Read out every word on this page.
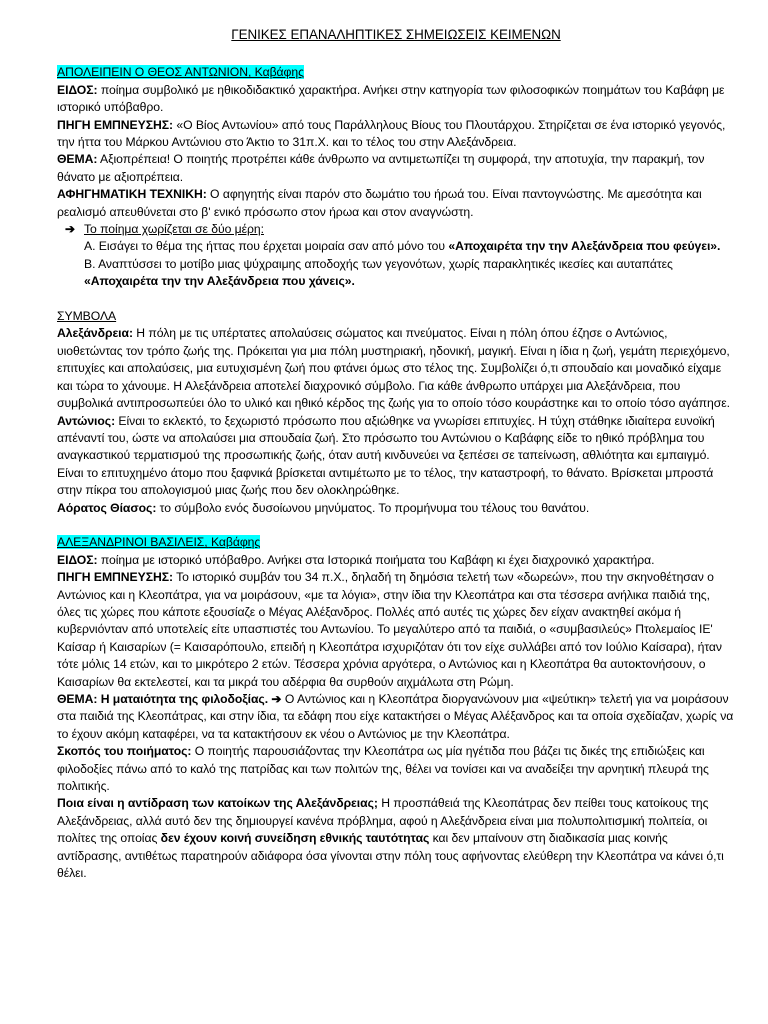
ΓΕΝΙΚΕΣ ΕΠΑΝΑΛΗΠΤΙΚΕΣ ΣΗΜΕΙΩΣΕΙΣ ΚΕΙΜΕΝΩΝ
ΑΠΟΛΕΙΠΕΙΝ Ο ΘΕΟΣ ΑΝΤΩΝΙΟΝ, Καβάφης

ΕΙΔΟΣ: ποίημα συμβολικό με ηθικοδιδακτικό χαρακτήρα. Ανήκει στην κατηγορία των φιλοσοφικών ποιημάτων του Καβάφη με ιστορικό υπόβαθρο.

ΠΗΓΗ ΕΜΠΝΕΥΣΗΣ: «Ο Βίος Αντωνίου» από τους Παράλληλους Βίους του Πλουτάρχου. Στηρίζεται σε ένα ιστορικό γεγονός, την ήττα του Μάρκου Αντώνιου στο Άκτιο το 31π.Χ. και το τέλος του στην Αλεξάνδρεια.

ΘΕΜΑ: Αξιοπρέπεια! Ο ποιητής προτρέπει κάθε άνθρωπο να αντιμετωπίζει τη συμφορά, την αποτυχία, την παρακμή, τον θάνατο με αξιοπρέπεια.

ΑΦΗΓΗΜΑΤΙΚΗ ΤΕΧΝΙΚΗ: Ο αφηγητής είναι παρόν στο δωμάτιο του ήρωά του. Είναι παντογνώστης. Με αμεσότητα και ρεαλισμό απευθύνεται στο β' ενικό πρόσωπο στον ήρωα και στον αναγνώστη.

➔ Το ποίημα χωρίζεται σε δύο μέρη:

Α. Εισάγει το θέμα της ήττας που έρχεται μοιραία σαν από μόνο του «Αποχαιρέτα την την Αλεξάνδρεια που φεύγει».

Β. Αναπτύσσει το μοτίβο μιας ψύχραιμης αποδοχής των γεγονότων, χωρίς παρακλητικές ικεσίες και αυταπάτες «Αποχαιρέτα την την Αλεξάνδρεια που χάνεις».

ΣΥΜΒΟΛΑ

Αλεξάνδρεια: Η πόλη με τις υπέρτατες απολαύσεις σώματος και πνεύματος. Είναι η πόλη όπου έζησε ο Αντώνιος, υιοθετώντας τον τρόπο ζωής της. Πρόκειται για μια πόλη μυστηριακή, ηδονική, μαγική. Είναι η ίδια η ζωή, γεμάτη περιεχόμενο, επιτυχίες και απολαύσεις, μια ευτυχισμένη ζωή που φτάνει όμως στο τέλος της. Συμβολίζει ό,τι σπουδαίο και μοναδικό είχαμε και τώρα το χάνουμε. Η Αλεξάνδρεια αποτελεί διαχρονικό σύμβολο. Για κάθε άνθρωπο υπάρχει μια Αλεξάνδρεια, που συμβολικά αντιπροσωπεύει όλο το υλικό και ηθικό κέρδος της ζωής για το οποίο τόσο κουράστηκε και το οποίο τόσο αγάπησε.

Αντώνιος: Είναι το εκλεκτό, το ξεχωριστό πρόσωπο που αξιώθηκε να γνωρίσει επιτυχίες. Η τύχη στάθηκε ιδιαίτερα ευνοϊκή απέναντί του, ώστε να απολαύσει μια σπουδαία ζωή. Στο πρόσωπο του Αντώνιου ο Καβάφης είδε το ηθικό πρόβλημα του αναγκαστικού τερματισμού της προσωπικής ζωής, όταν αυτή κινδυνεύει να ξεπέσει σε ταπείνωση, αθλιότητα και εμπαιγμό. Είναι το επιτυχημένο άτομο που ξαφνικά βρίσκεται αντιμέτωπο με το τέλος, την καταστροφή, το θάνατο. Βρίσκεται μπροστά στην πίκρα του απολογισμού μιας ζωής που δεν ολοκληρώθηκε.

Αόρατος Θίασος: το σύμβολο ενός δυσοίωνου μηνύματος. Το προμήνυμα του τέλους του θανάτου.

ΑΛΕΞΑΝΔΡΙΝΟΙ ΒΑΣΙΛΕΙΣ, Καβάφης

ΕΙΔΟΣ: ποίημα με ιστορικό υπόβαθρο. Ανήκει στα Ιστορικά ποιήματα του Καβάφη κι έχει διαχρονικό χαρακτήρα.

ΠΗΓΗ ΕΜΠΝΕΥΣΗΣ: Το ιστορικό συμβάν του 34 π.Χ., δηλαδή τη δημόσια τελετή των «δωρεών», που την σκηνοθέτησαν ο Αντώνιος και η Κλεοπάτρα, για να μοιράσουν, «με τα λόγια», στην ίδια την Κλεοπάτρα και στα τέσσερα ανήλικα παιδιά της, όλες τις χώρες που κάποτε εξουσίαζε ο Μέγας Αλέξανδρος. Πολλές από αυτές τις χώρες δεν είχαν ανακτηθεί ακόμα ή κυβερνιόνταν από υποτελείς είτε υπασπιστές του Αντωνίου. Το μεγαλύτερο από τα παιδιά, ο «συμβασιλεύς» Πτολεμαίος ΙΕ' Καίσαρ ή Καισαρίων (= Καισαρόπουλο, επειδή η Κλεοπάτρα ισχυριζόταν ότι τον είχε συλλάβει από τον Ιούλιο Καίσαρα), ήταν τότε μόλις 14 ετών, και το μικρότερο 2 ετών. Τέσσερα χρόνια αργότερα, ο Αντώνιος και η Κλεοπάτρα θα αυτοκτονήσουν, ο Καισαρίων θα εκτελεστεί, και τα μικρά του αδέρφια θα συρθούν αιχμάλωτα στη Ρώμη.

ΘΕΜΑ: Η ματαιότητα της φιλοδοξίας. ➔ Ο Αντώνιος και η Κλεοπάτρα διοργανώνουν μια «ψεύτικη» τελετή για να μοιράσουν στα παιδιά της Κλεοπάτρας, και στην ίδια, τα εδάφη που είχε κατακτήσει ο Μέγας Αλέξανδρος και τα οποία σχεδίαζαν, χωρίς να το έχουν ακόμη καταφέρει, να τα κατακτήσουν εκ νέου ο Αντώνιος με την Κλεοπάτρα.

Σκοπός του ποιήματος: Ο ποιητής παρουσιάζοντας την Κλεοπάτρα ως μία ηγέτιδα που βάζει τις δικές της επιδιώξεις και φιλοδοξίες πάνω από το καλό της πατρίδας και των πολιτών της, θέλει να τονίσει και να αναδείξει την αρνητική πλευρά της πολιτικής.

Ποια είναι η αντίδραση των κατοίκων της Αλεξάνδρειας; Η προσπάθειά της Κλεοπάτρας δεν πείθει τους κατοίκους της Αλεξάνδρειας, αλλά αυτό δεν της δημιουργεί κανένα πρόβλημα, αφού η Αλεξάνδρεια είναι μια πολυπολιτισμική πολιτεία, οι πολίτες της οποίας δεν έχουν κοινή συνείδηση εθνικής ταυτότητας και δεν μπαίνουν στη διαδικασία μιας κοινής αντίδρασης, αντιθέτως παρατηρούν αδιάφορα όσα γίνονται στην πόλη τους αφήνοντας ελεύθερη την Κλεοπάτρα να κάνει ό,τι θέλει.
